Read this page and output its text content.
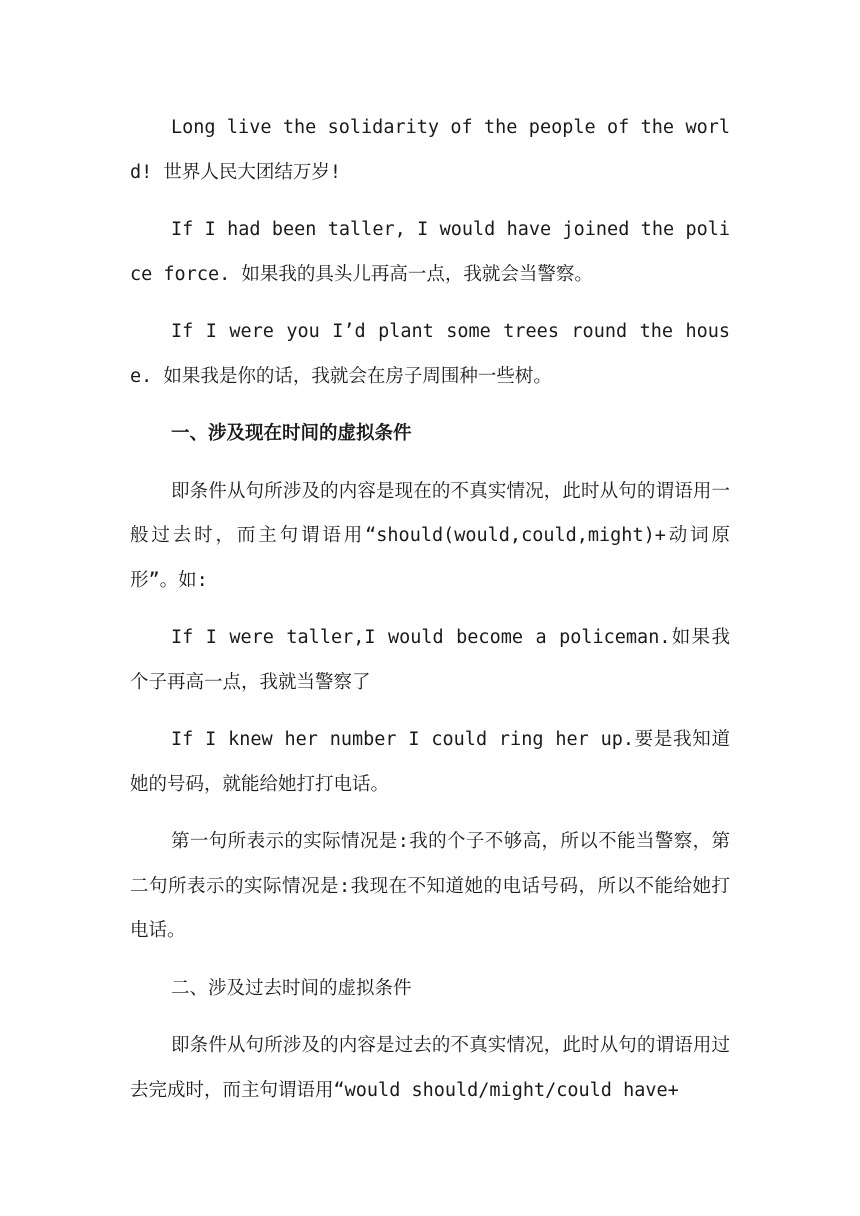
Long live the solidarity of the people of the world! 世界人民大团结万岁!

If I had been taller, I would have joined the police force. 如果我的具头儿再高一点，我就会当警察。

If I were you I’d plant some trees round the house. 如果我是你的话，我就会在房子周围种一些树。

一、涉及现在时间的虚拟条件

即条件从句所涉及的内容是现在的不真实情况，此时从句的谓语用一般过去时，而主句谓语用“should(would,could,might)+动词原形”。如:

If I were taller,I would become a policeman.如果我个子再高一点，我就当警察了

If I knew her number I could ring her up.要是我知道她的号码，就能给她打打电话。

第一句所表示的实际情况是:我的个子不够高，所以不能当警察，第二句所表示的实际情况是:我现在不知道她的电话号码，所以不能给她打电话。

二、涉及过去时间的虚拟条件

即条件从句所涉及的内容是过去的不真实情况，此时从句的谓语用过去完成时，而主句谓语用“would should/might/could have+
